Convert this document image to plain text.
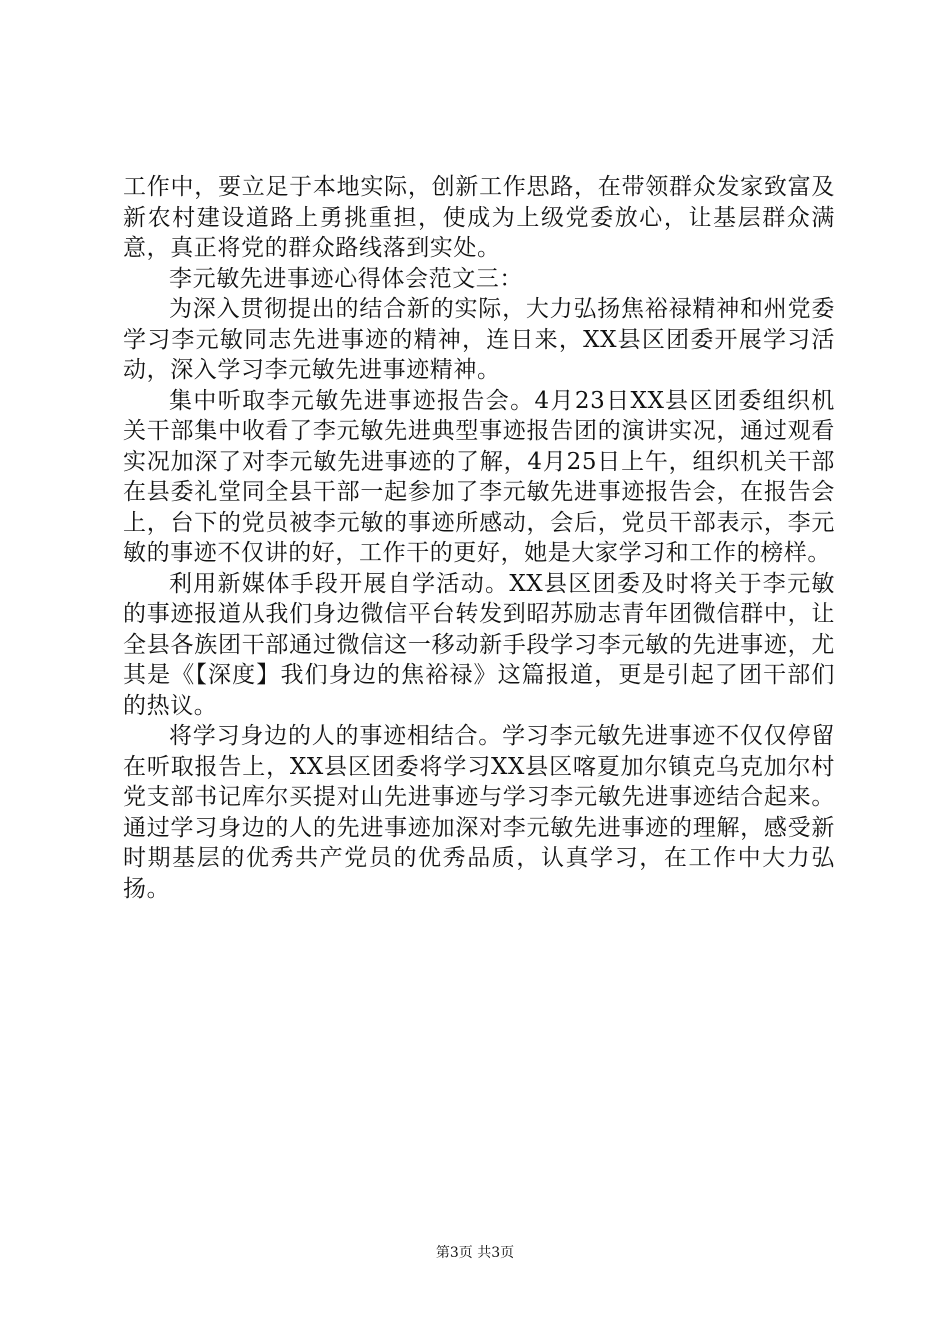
工作中，要立足于本地实际，创新工作思路，在带领群众发家致富及新农村建设道路上勇挑重担，使成为上级党委放心，让基层群众满意，真正将党的群众路线落到实处。

李元敏先进事迹心得体会范文三：

为深入贯彻提出的结合新的实际，大力弘扬焦裕禄精神和州党委学习李元敏同志先进事迹的精神，连日来，XX县区团委开展学习活动，深入学习李元敏先进事迹精神。

集中听取李元敏先进事迹报告会。4月23日XX县区团委组织机关干部集中收看了李元敏先进典型事迹报告团的演讲实况，通过观看实况加深了对李元敏先进事迹的了解，4月25日上午，组织机关干部在县委礼堂同全县干部一起参加了李元敏先进事迹报告会，在报告会上，台下的党员被李元敏的事迹所感动，会后，党员干部表示，李元敏的事迹不仅讲的好，工作干的更好，她是大家学习和工作的榜样。

利用新媒体手段开展自学活动。XX县区团委及时将关于李元敏的事迹报道从我们身边微信平台转发到昭苏励志青年团微信群中，让全县各族团干部通过微信这一移动新手段学习李元敏的先进事迹，尤其是《【深度】我们身边的焦裕禄》这篇报道，更是引起了团干部们的热议。

将学习身边的人的事迹相结合。学习李元敏先进事迹不仅仅停留在听取报告上，XX县区团委将学习XX县区喀夏加尔镇克乌克加尔村党支部书记库尔买提对山先进事迹与学习李元敏先进事迹结合起来。通过学习身边的人的先进事迹加深对李元敏先进事迹的理解，感受新时期基层的优秀共产党员的优秀品质，认真学习，在工作中大力弘扬。

第3页 共3页
